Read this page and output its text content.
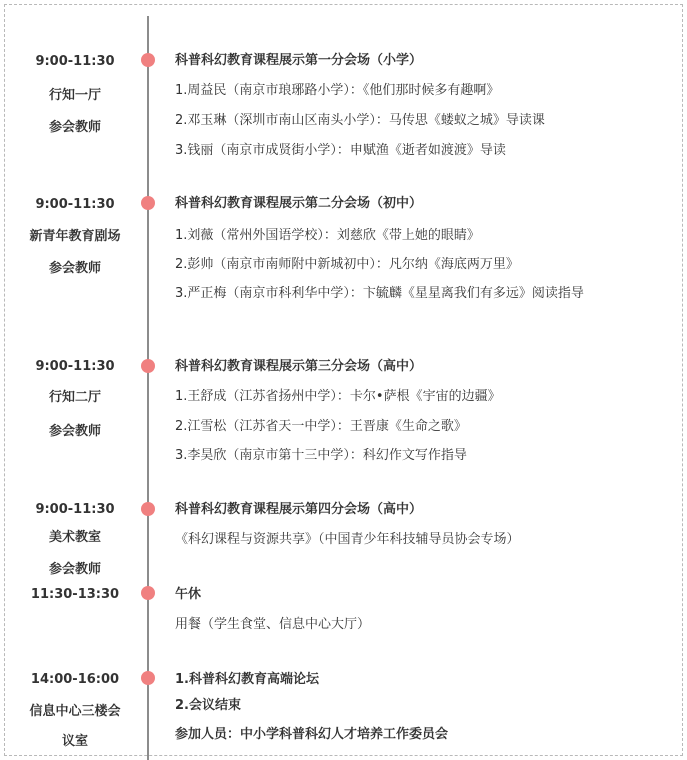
9:00-11:30
行知一厅
参会教师
科普科幻教育课程展示第一分会场（小学）
1.周益民（南京市琅琊路小学）：《他们那时候多有趣啊》
2.邓玉琳（深圳市南山区南头小学）：马传思《蝼蚁之城》导读课
3.钱丽（南京市成贤街小学）：申赋渔《逝者如渡渡》导读
9:00-11:30
新青年教育剧场
参会教师
科普科幻教育课程展示第二分会场（初中）
1.刘薇（常州外国语学校）：刘慈欣《带上她的眼睛》
2.彭帅（南京市南师附中新城初中）：凡尔纳《海底两万里》
3.严正梅（南京市科利华中学）：卞毓麟《星星离我们有多远》阅读指导
9:00-11:30
行知二厅
参会教师
科普科幻教育课程展示第三分会场（高中）
1.王舒成（江苏省扬州中学）：卡尔•萨根《宇宙的边疆》
2.江雪松（江苏省天一中学）：王晋康《生命之歌》
3.李昊欣（南京市第十三中学）：科幻作文写作指导
9:00-11:30
美术教室
参会教师
科普科幻教育课程展示第四分会场（高中）
《科幻课程与资源共享》（中国青少年科技辅导员协会专场）
11:30-13:30	午休
用餐（学生食堂、信息中心大厅）
14:00-16:00
信息中心三楼会
议室
1.科普科幻教育高端论坛
2.会议结束
参加人员：中小学科普科幻人才培养工作委员会
